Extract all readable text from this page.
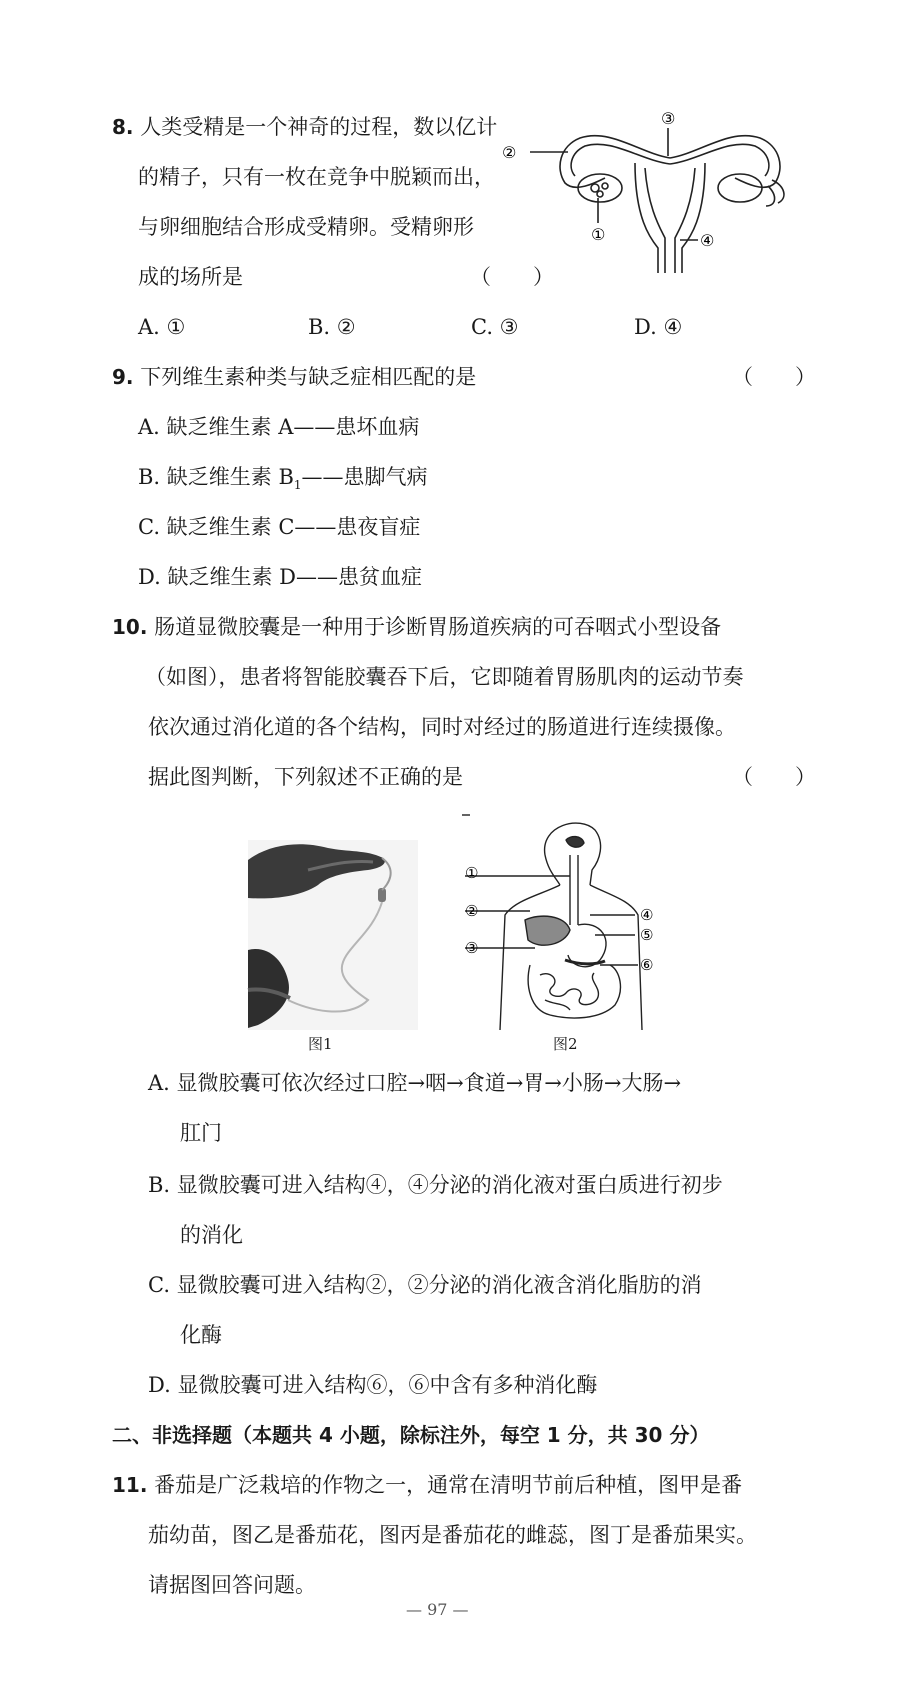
8. 人类受精是一个神奇的过程，数以亿计
的精子，只有一枚在竞争中脱颖而出，
与卵细胞结合形成受精卵。受精卵形
成的场所是	（　　）
③
②
①	④
A. ①	B. ②	C. ③	D. ④
9. 下列维生素种类与缺乏症相匹配的是	（　　）
A. 缺乏维生素 A——患坏血病
B. 缺乏维生素 $B_1——$患脚气病
C. 缺乏维生素 C——患夜盲症
D. 缺乏维生素 D——患贫血症
10. 肠道显微胶囊是一种用于诊断胃肠道疾病的可吞咽式小型设备
（如图），患者将智能胶囊吞下后，它即随着胃肠肌肉的运动节奏
依次通过消化道的各个结构，同时对经过的肠道进行连续摄像。
据此图判断，下列叙述不正确的是	（　　）
图1
①
②
③
④
⑤
⑥
图2
A. 显微胶囊可依次经过口腔→咽→食道→胃→小肠→大肠→
肛门
B. 显微胶囊可进入结构④，④分泌的消化液对蛋白质进行初步
的消化
C. 显微胶囊可进入结构②，②分泌的消化液含消化脂肪的消
化酶
D. 显微胶囊可进入结构⑥，⑥中含有多种消化酶
二、非选择题（本题共 4 小题，除标注外，每空 1 分，共 30 分）
11. 番茄是广泛栽培的作物之一，通常在清明节前后种植，图甲是番
茄幼苗，图乙是番茄花，图丙是番茄花的雌蕊，图丁是番茄果实。
请据图回答问题。
— 97 —
